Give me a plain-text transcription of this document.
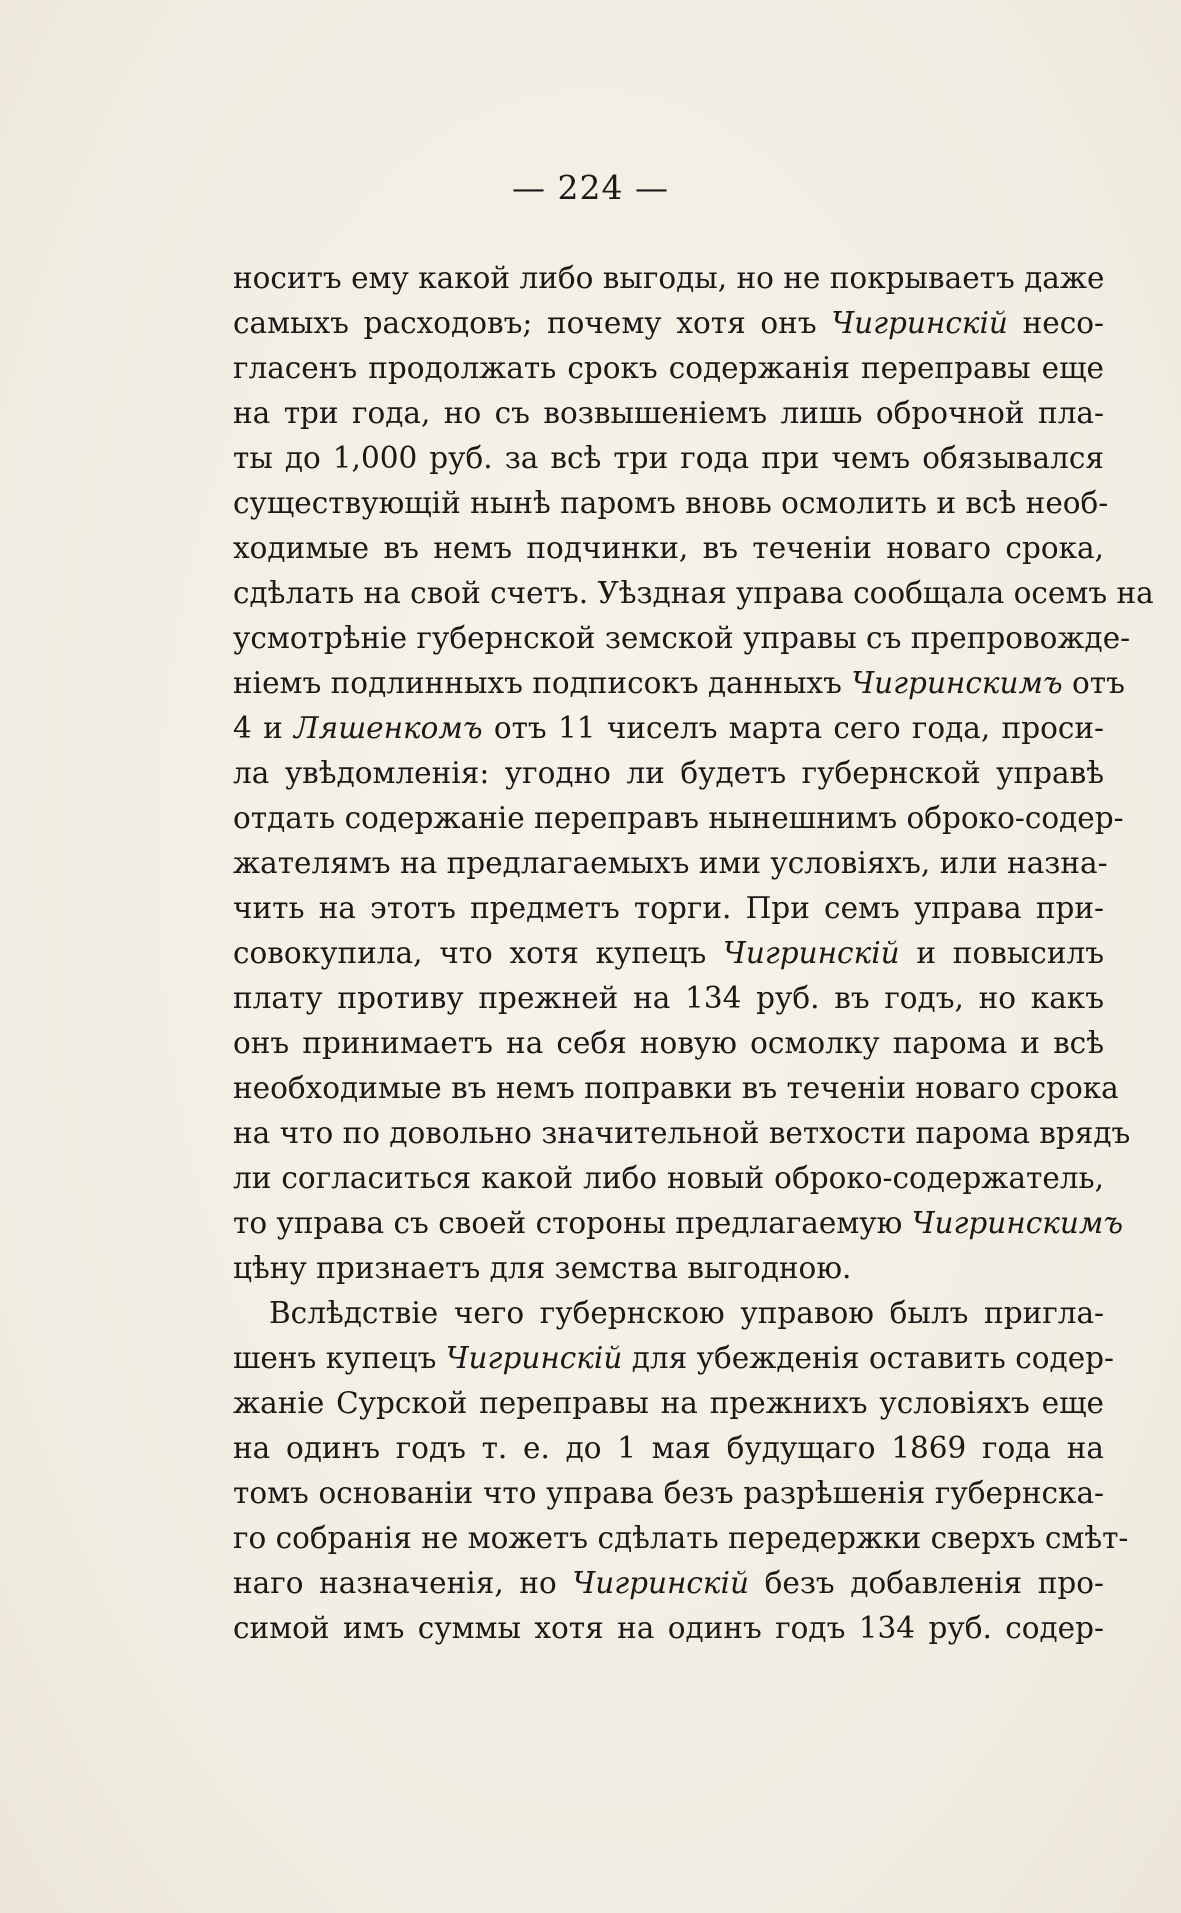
— 224 —
носитъ ему какой либо выгоды, но не покрываетъ даже
самыхъ расходовъ; почему хотя онъ Чигринскій несо-
гласенъ продолжать срокъ содержанія переправы еще
на три года, но съ возвышеніемъ лишь оброчной пла-
ты до 1,000 руб. за всѣ три года при чемъ обязывался
существующій нынѣ паромъ вновь осмолить и всѣ необ-
ходимые въ немъ подчинки, въ теченіи новаго срока,
сдѣлать на свой счетъ. Уѣздная управа сообщала осемъ на
усмотрѣніе губернской земской управы съ препровожде-
ніемъ подлинныхъ подписокъ данныхъ Чигринскимъ отъ
4 и Ляшенкомъ отъ 11 чиселъ марта сего года, проси-
ла увѣдомленія: угодно ли будетъ губернской управѣ
отдать содержаніе переправъ нынешнимъ оброко-содер-
жателямъ на предлагаемыхъ ими условіяхъ, или назна-
чить на этотъ предметъ торги. При семъ управа при-
совокупила, что хотя купецъ Чигринскій и повысилъ
плату противу прежней на 134 руб. въ годъ, но какъ
онъ принимаетъ на себя новую осмолку парома и всѣ
необходимые въ немъ поправки въ теченіи новаго срока
на что по довольно значительной ветхости парома врядъ
ли согласиться какой либо новый оброко-содержатель,
то управа съ своей стороны предлагаемую Чигринскимъ
цѣну признаетъ для земства выгодною.
Вслѣдствіе чего губернскою управою былъ пригла-
шенъ купецъ Чигринскій для убежденія оставить содер-
жаніе Сурской переправы на прежнихъ условіяхъ еще
на одинъ годъ т. е. до 1 мая будущаго 1869 года на
томъ основаніи что управа безъ разрѣшенія губернска-
го собранія не можетъ сдѣлать передержки сверхъ смѣт-
наго назначенія, но Чигринскій безъ добавленія про-
симой имъ суммы хотя на одинъ годъ 134 руб. содер-
